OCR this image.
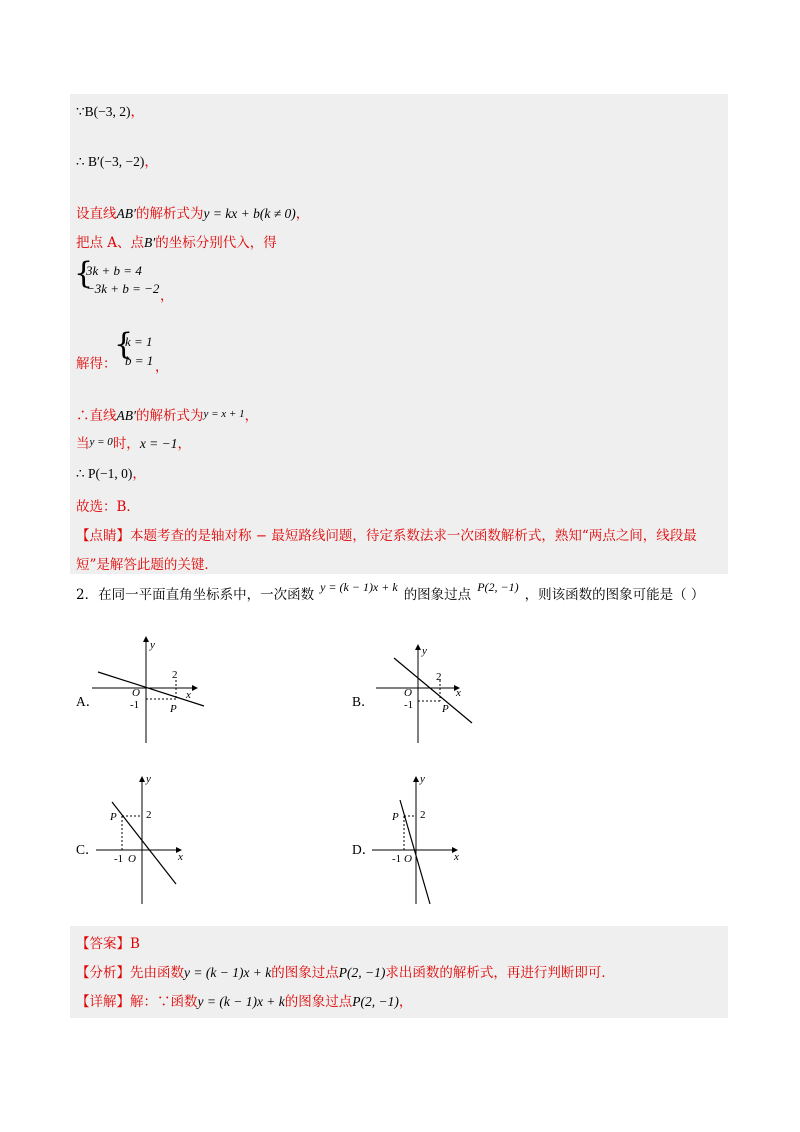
∵B(−3, 2)，
∴ B′(−3, −2)，
设直线AB′的解析式为y = kx + b(k ≠ 0)，
把点 A、点B′的坐标分别代入，得
{
3k + b = 4
−3k + b = −2 ，
解得：
{
k = 1
b = 1 ，
∴直线AB′的解析式为$^{y = x + 1}$，
当$^{y = 0}$时，x = −1，
∴ P(−1, 0)，
故选：B．
【点睛】本题考查的是轴对称 − 最短路线问题，待定系数法求一次函数解析式，熟知“两点之间，线段最
短”是解答此题的关键．
2．在同一平面直角坐标系中，一次函数 y = (k − 1)x + k 的图象过点 P(2, −1) ，则该函数的图象可能是（ ）
A．
y
x
O
2
-1	P	B．
y
x
O
2
-1	P
C．
y
x
O
2
-1
P
D．
y
x
O
2
-1
P
【答案】B
【分析】先由函数y = (k − 1)x + k的图象过点P(2, −1)求出函数的解析式，再进行判断即可．
【详解】解：∵函数y = (k − 1)x + k的图象过点P(2, −1)，
